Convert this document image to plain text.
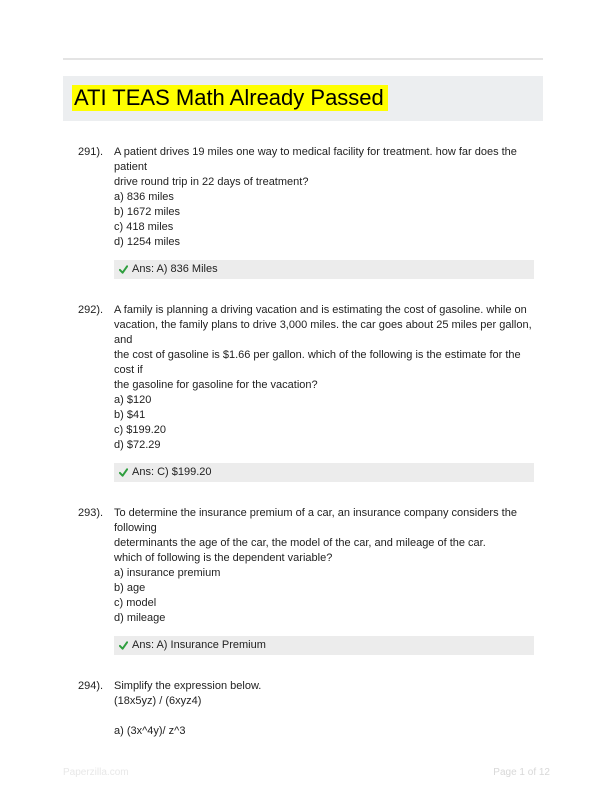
ATI TEAS Math Already Passed
291). A patient drives 19 miles one way to medical facility for treatment. how far does the patient
drive round trip in 22 days of treatment?
a) 836 miles
b) 1672 miles
c) 418 miles
d) 1254 miles
Ans: A) 836 Miles
292). A family is planning a driving vacation and is estimating the cost of gasoline. while on vacation, the family plans to drive 3,000 miles. the car goes about 25 miles per gallon, and
the cost of gasoline is $1.66 per gallon. which of the following is the estimate for the cost if
the gasoline for gasoline for the vacation?
a) $120
b) $41
c) $199.20
d) $72.29
Ans: C) $199.20
293). To determine the insurance premium of a car, an insurance company considers the following
determinants the age of the car, the model of the car, and mileage of the car.
which of following is the dependent variable?
a) insurance premium
b) age
c) model
d) mileage
Ans: A) Insurance Premium
294). Simplify the expression below.
(18x5yz) / (6xyz4)
a) (3x^4y)/ z^3
Paperzilla.com	Page 1 of 12
